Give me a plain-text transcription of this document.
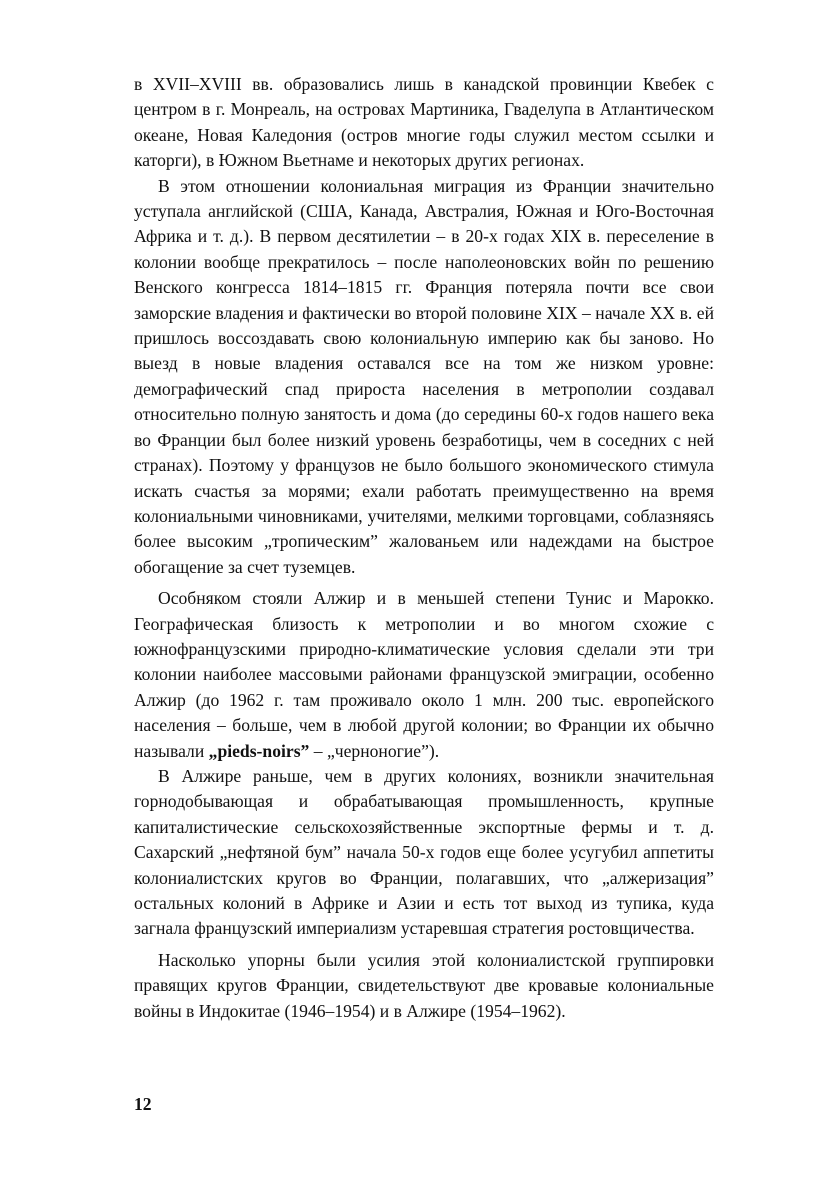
в XVII–XVIII вв. образовались лишь в канадской провинции Квебек с центром в г. Монреаль, на островах Мартиника, Гваделупа в Атлантическом океане, Новая Каледония (остров многие годы служил местом ссылки и каторги), в Южном Вьетнаме и некоторых других регионах.

В этом отношении колониальная миграция из Франции значительно уступала английской (США, Канада, Австралия, Южная и Юго-Восточная Африка и т. д.). В первом десятилетии – в 20-х годах XIX в. переселение в колонии вообще прекратилось – после наполеоновских войн по решению Венского конгресса 1814–1815 гг. Франция потеряла почти все свои заморские владения и фактически во второй половине XIX – начале XX в. ей пришлось воссоздавать свою колониальную империю как бы заново. Но выезд в новые владения оставался все на том же низком уровне: демографический спад прироста населения в метрополии создавал относительно полную занятость и дома (до середины 60-х годов нашего века во Франции был более низкий уровень безработицы, чем в соседних с ней странах). Поэтому у французов не было большого экономического стимула искать счастья за морями; ехали работать преимущественно на время колониальными чиновниками, учителями, мелкими торговцами, соблазняясь более высоким „тропическим” жалованьем или надеждами на быстрое обогащение за счет туземцев.

Особняком стояли Алжир и в меньшей степени Тунис и Марокко. Географическая близость к метрополии и во многом схожие с южнофранцузскими природно-климатические условия сделали эти три колонии наиболее массовыми районами французской эмиграции, особенно Алжир (до 1962 г. там проживало около 1 млн. 200 тыс. европейского населения – больше, чем в любой другой колонии; во Франции их обычно называли „pieds-noirs” – „черноногие”).

В Алжире раньше, чем в других колониях, возникли значительная горнодобывающая и обрабатывающая промышленность, крупные капиталистические сельскохозяйственные экспортные фермы и т. д. Сахарский „нефтяной бум” начала 50-х годов еще более усугубил аппетиты колониалистских кругов во Франции, полагавших, что „алжеризация” остальных колоний в Африке и Азии и есть тот выход из тупика, куда загнала французский империализм устаревшая стратегия ростовщичества.

Насколько упорны были усилия этой колониалистской группировки правящих кругов Франции, свидетельствуют две кровавые колониальные войны в Индокитае (1946–1954) и в Алжире (1954–1962).

12
